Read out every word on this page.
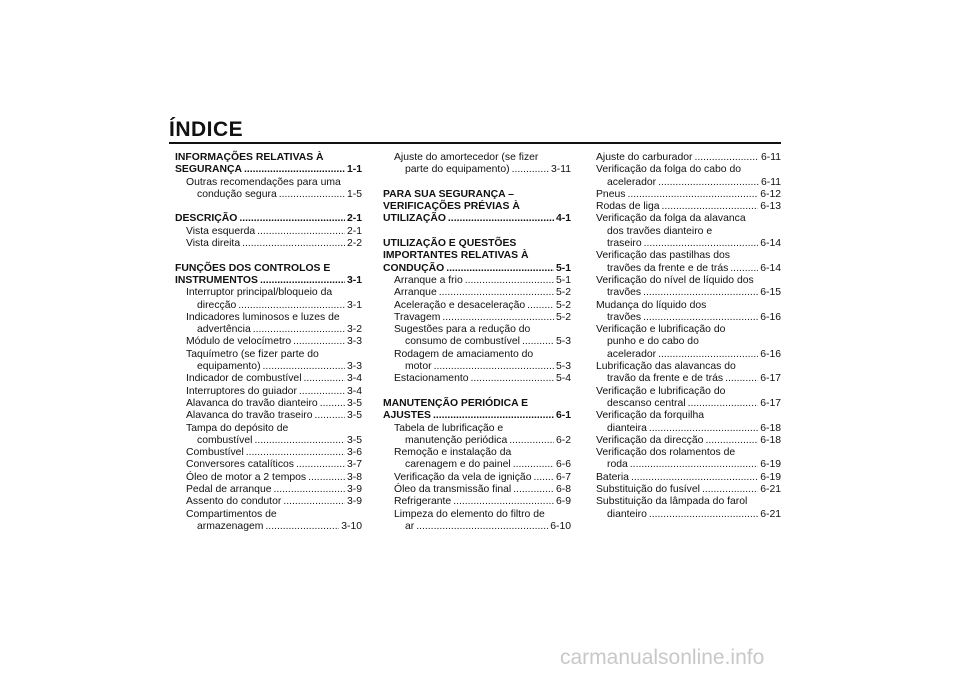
ÍNDICE
INFORMAÇÕES RELATIVAS À
SEGURANÇA .....	1-1
Outras recomendações para uma
condução segura .....	1-5
DESCRIÇÃO .....	2-1
Vista esquerda .....	2-1
Vista direita .....	2-2
FUNÇÕES DOS CONTROLOS E
INSTRUMENTOS .....	3-1
Interruptor principal/bloqueio da
direcção .....	3-1
Indicadores luminosos e luzes de
advertência .....	3-2
Módulo de velocímetro .....	3-3
Taquímetro (se fizer parte do
equipamento) .....	3-3
Indicador de combustível .....	3-4
Interruptores do guiador .....	3-4
Alavanca do travão dianteiro .....	3-5
Alavanca do travão traseiro .....	3-5
Tampa do depósito de
combustível .....	3-5
Combustível .....	3-6
Conversores catalíticos .....	3-7
Óleo de motor a 2 tempos .....	3-8
Pedal de arranque .....	3-9
Assento do condutor .....	3-9
Compartimentos de
armazenagem .....	3-10
Ajuste do amortecedor (se fizer
parte do equipamento) .....	3-11
PARA SUA SEGURANÇA –
VERIFICAÇÕES PRÉVIAS À
UTILIZAÇÃO .....	4-1
UTILIZAÇÃO E QUESTÕES
IMPORTANTES RELATIVAS À
CONDUÇÃO .....	5-1
Arranque a frio .....	5-1
Arranque .....	5-2
Aceleração e desaceleração .....	5-2
Travagem .....	5-2
Sugestões para a redução do
consumo de combustível .....	5-3
Rodagem de amaciamento do
motor .....	5-3
Estacionamento .....	5-4
MANUTENÇÃO PERIÓDICA E
AJUSTES .....	6-1
Tabela de lubrificação e
manutenção periódica .....	6-2
Remoção e instalação da
carenagem e do painel .....	6-6
Verificação da vela de ignição ..... 6-7
Óleo da transmissão final .....	6-8
Refrigerante .....	6-9
Limpeza do elemento do filtro de
ar .....	6-10
Ajuste do carburador .....	6-11
Verificação da folga do cabo do
acelerador .....	6-11
Pneus .....	6-12
Rodas de liga .....	6-13
Verificação da folga da alavanca
dos travões dianteiro e
traseiro .....	6-14
Verificação das pastilhas dos
travões da frente e de trás .....	6-14
Verificação do nível de líquido dos
travões .....	6-15
Mudança do líquido dos
travões .....	6-16
Verificação e lubrificação do
punho e do cabo do
acelerador .....	6-16
Lubrificação das alavancas do
travão da frente e de trás .....	6-17
Verificação e lubrificação do
descanso central .....	6-17
Verificação da forquilha
dianteira .....	6-18
Verificação da direcção .....	6-18
Verificação dos rolamentos de
roda .....	6-19
Bateria .....	6-19
Substituição do fusível .....	6-21
Substituição da lâmpada do farol
dianteiro .....	6-21
carmanualsonline.info
